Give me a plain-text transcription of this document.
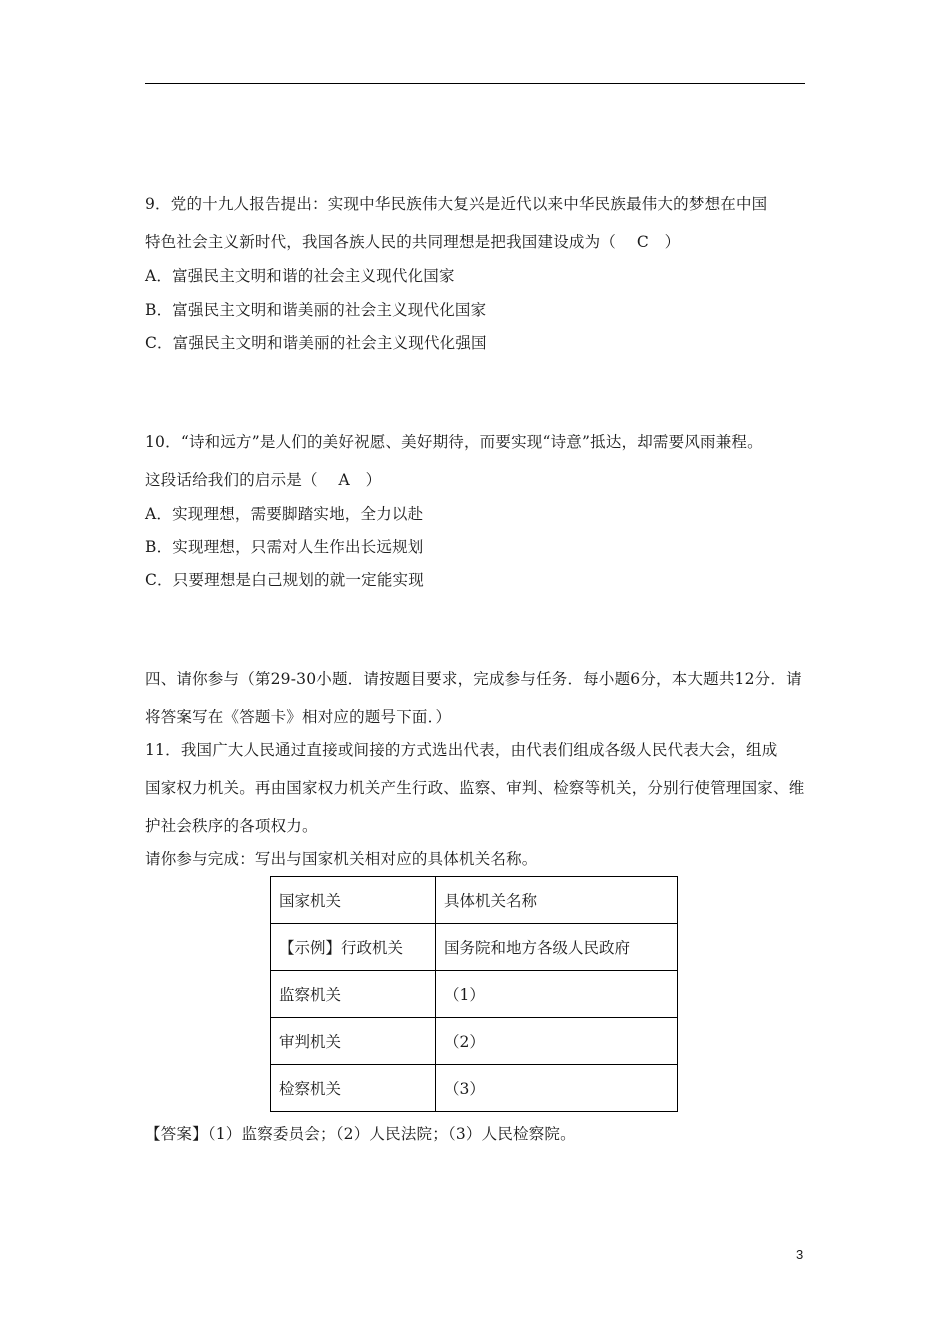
9．党的十九人报告提出：实现中华民族伟大复兴是近代以来中华民族最伟大的梦想在中国
特色社会主义新时代，我国各族人民的共同理想是把我国建设成为（　 C　）
A．富强民主文明和谐的社会主义现代化国家
B．富强民主文明和谐美丽的社会主义现代化国家
C．富强民主文明和谐美丽的社会主义现代化强国
10．“诗和远方”是人们的美好祝愿、美好期待，而要实现“诗意”抵达，却需要风雨兼程。
这段话给我们的启示是（　 A　）
A．实现理想，需要脚踏实地，全力以赴
B．实现理想，只需对人生作出长远规划
C．只要理想是白己规划的就一定能实现
四、请你参与（第29-30小题．请按题目要求，完成参与任务．每小题6分，本大题共12分．请
将答案写在《答题卡》相对应的题号下面．）
11．我国广大人民通过直接或间接的方式选出代表，由代表们组成各级人民代表大会，组成
国家权力机关。再由国家权力机关产生行政、监察、审判、检察等机关，分别行使管理国家、维
护社会秩序的各项权力。
请你参与完成：写出与国家机关相对应的具体机关名称。
国家机关	具体机关名称
【示例】行政机关	国务院和地方各级人民政府
监察机关	（1）
审判机关	（2）
检察机关	（3）
【答案】（1）监察委员会；（2）人民法院；（3）人民检察院。
3
